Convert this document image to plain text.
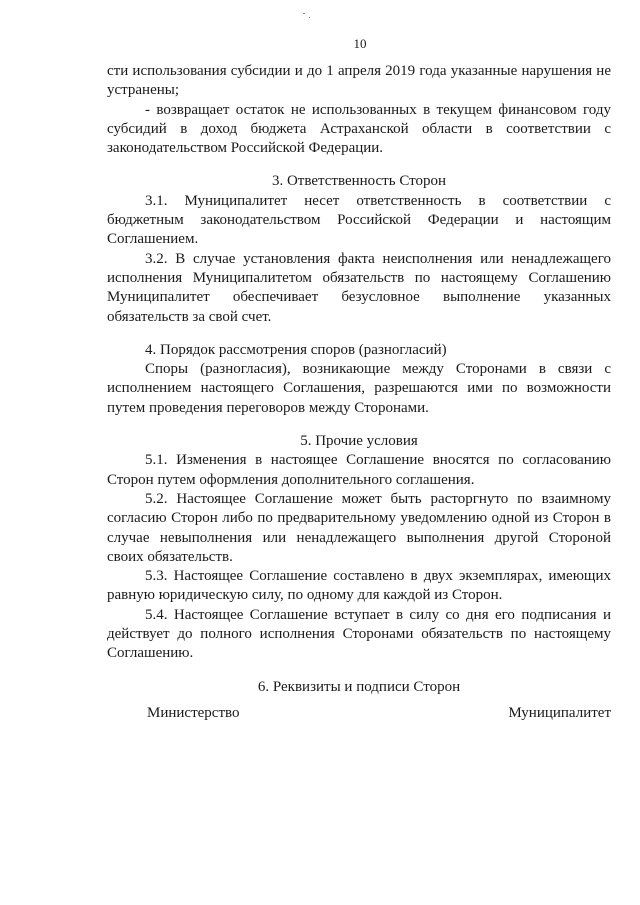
10

сти использования субсидии и до 1 апреля 2019 года указанные нарушения не устранены;

- возвращает остаток не использованных в текущем финансовом году субсидий в доход бюджета Астраханской области в соответствии с законодательством Российской Федерации.

3. Ответственность Сторон

3.1. Муниципалитет несет ответственность в соответствии с бюджетным законодательством Российской Федерации и настоящим Соглашением.

3.2. В случае установления факта неисполнения или ненадлежащего исполнения Муниципалитетом обязательств по настоящему Соглашению Муниципалитет обеспечивает безусловное выполнение указанных обязательств за свой счет.

4. Порядок рассмотрения споров (разногласий)

Споры (разногласия), возникающие между Сторонами в связи с исполнением настоящего Соглашения, разрешаются ими по возможности путем проведения переговоров между Сторонами.

5. Прочие условия

5.1. Изменения в настоящее Соглашение вносятся по согласованию Сторон путем оформления дополнительного соглашения.

5.2. Настоящее Соглашение может быть расторгнуто по взаимному согласию Сторон либо по предварительному уведомлению одной из Сторон в случае невыполнения или ненадлежащего выполнения другой Стороной своих обязательств.

5.3. Настоящее Соглашение составлено в двух экземплярах, имеющих равную юридическую силу, по одному для каждой из Сторон.

5.4. Настоящее Соглашение вступает в силу со дня его подписания и действует до полного исполнения Сторонами обязательств по настоящему Соглашению.

6. Реквизиты и подписи Сторон

Министерство	Муниципалитет
